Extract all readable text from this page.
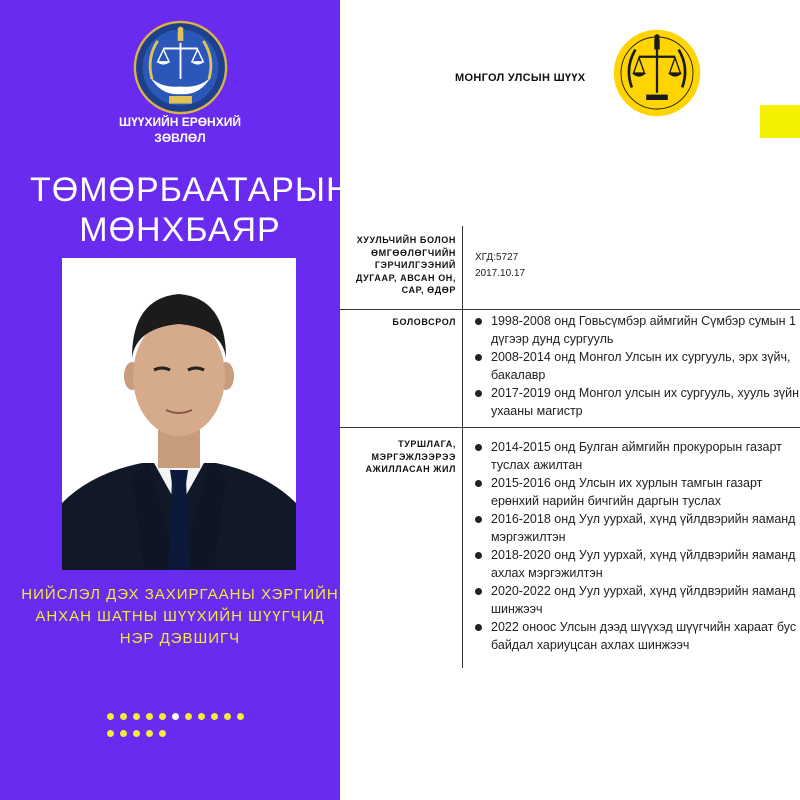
ШҮҮХИЙН ЕРӨНХИЙ ЗӨВЛӨЛ
ТӨМӨРБААТАРЫН МӨНХБАЯР
НИЙСЛЭЛ ДЭХ ЗАХИРГААНЫ ХЭРГИЙН АНХАН ШАТНЫ ШҮҮХИЙН ШҮҮГЧИД НЭР ДЭВШИГЧ
МОНГОЛ УЛСЫН ШҮҮХ
ХУУЛЬЧИЙН БОЛОН ӨМГӨӨЛӨГЧИЙН ГЭРЧИЛГЭЭНИЙ ДУГААР, АВСАН ОН, САР, ӨДӨР
ХГД:5727
2017.10.17
БОЛОВСРОЛ	1998-2008 онд Говьсүмбэр аймгийн Сүмбэр сумын 1 дүгээр дунд сургууль
2008-2014 онд Монгол Улсын их сургууль, эрх зүйч, бакалавр
2017-2019 онд Монгол улсын их сургууль, хууль зүйн ухааны магистр
ТУРШЛАГА, МЭРГЭЖЛЭЭРЭЭ АЖИЛЛАСАН ЖИЛ
2014-2015 онд Булган аймгийн прокурорын газарт туслах ажилтан
2015-2016 онд Улсын их хурлын тамгын газарт ерөнхий нарийн бичгийн даргын туслах
2016-2018 онд Уул уурхай, хүнд үйлдвэрийн яаманд мэргэжилтэн
2018-2020 онд Уул уурхай, хүнд үйлдвэрийн яаманд ахлах мэргэжилтэн
2020-2022 онд Уул уурхай, хүнд үйлдвэрийн яаманд шинжээч
2022 оноос Улсын дээд шүүхэд шүүгчийн хараат бус байдал хариуцсан ахлах шинжээч
